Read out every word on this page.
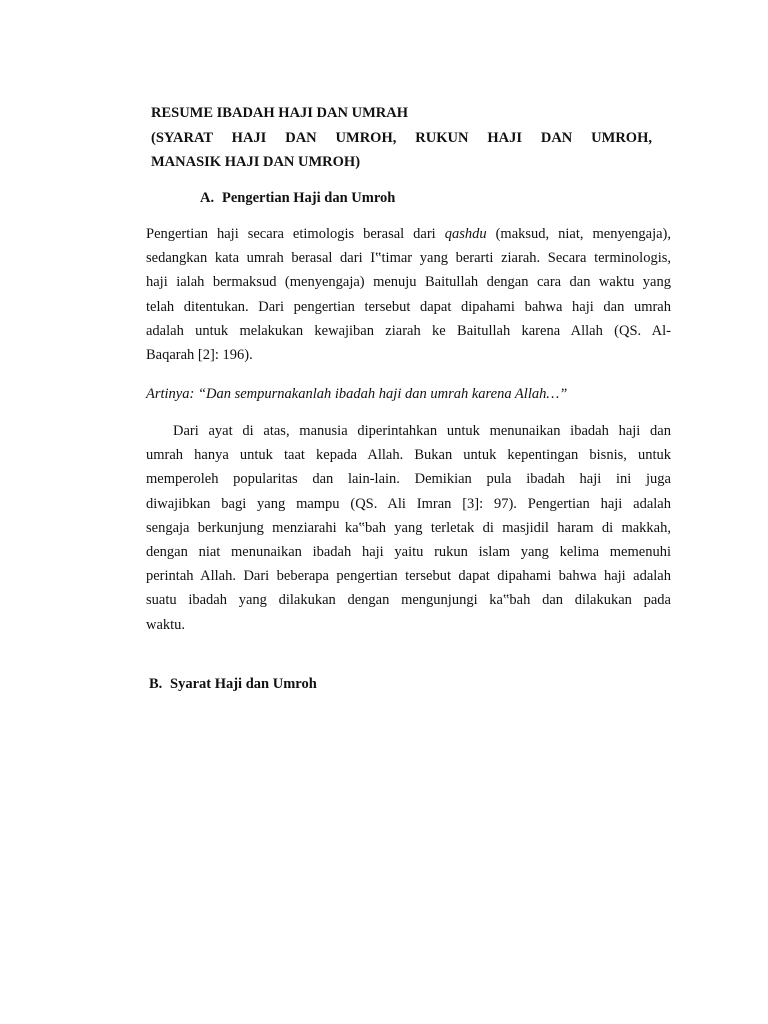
RESUME IBADAH HAJI DAN UMRAH
(SYARAT HAJI DAN UMROH, RUKUN HAJI DAN UMROH,
MANASIK HAJI DAN UMROH)
A. Pengertian Haji dan Umroh
Pengertian haji secara etimologis berasal dari qashdu (maksud, niat, menyengaja),
sedangkan kata umrah berasal dari I‟timar yang berarti ziarah. Secara terminologis,
haji ialah bermaksud (menyengaja) menuju Baitullah dengan cara dan waktu yang
telah ditentukan. Dari pengertian tersebut dapat dipahami bahwa haji dan umrah
adalah untuk melakukan kewajiban ziarah ke Baitullah karena Allah (QS. Al-
Baqarah [2]: 196).
Artinya: “Dan sempurnakanlah ibadah haji dan umrah karena Allah…”
Dari ayat di atas, manusia diperintahkan untuk menunaikan ibadah haji dan
umrah hanya untuk taat kepada Allah. Bukan untuk kepentingan bisnis, untuk
memperoleh popularitas dan lain-lain. Demikian pula ibadah haji ini juga
diwajibkan bagi yang mampu (QS. Ali Imran [3]: 97). Pengertian haji adalah
sengaja berkunjung menziarahi ka‟bah yang terletak di masjidil haram di makkah,
dengan niat menunaikan ibadah haji yaitu rukun islam yang kelima memenuhi
perintah Allah. Dari beberapa pengertian tersebut dapat dipahami bahwa haji adalah
suatu ibadah yang dilakukan dengan mengunjungi ka‟bah dan dilakukan pada
waktu.
B. Syarat Haji dan Umroh
